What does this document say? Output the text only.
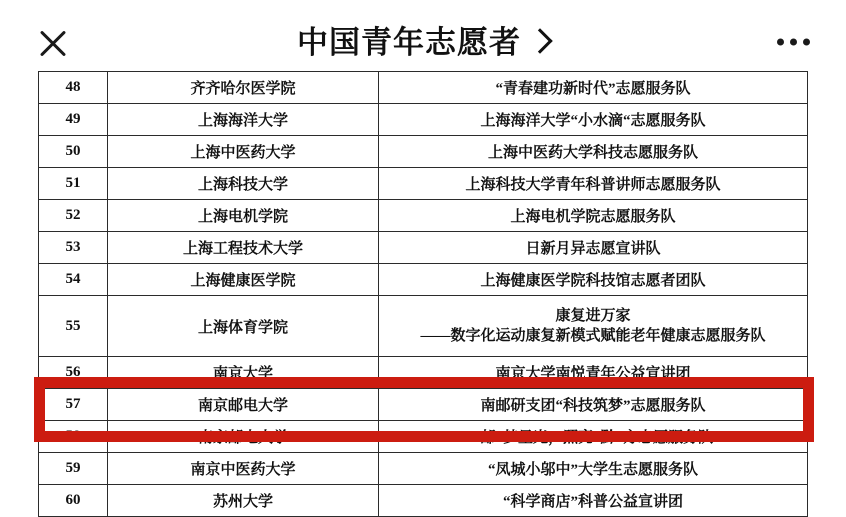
中国青年志愿者
48	齐齐哈尔医学院	“青春建功新时代”志愿服务队
49	上海海洋大学	上海海洋大学“小水滴“志愿服务队
50	上海中医药大学	上海中医药大学科技志愿服务队
51	上海科技大学	上海科技大学青年科普讲师志愿服务队
52	上海电机学院	上海电机学院志愿服务队
53	上海工程技术大学	日新月异志愿宣讲队
54	上海健康医学院	上海健康医学院科技馆志愿者团队
55	上海体育学院	康复进万家
——数字化运动康复新模式赋能老年健康志愿服务队

56	南京大学	南京大学南悦青年公益宣讲团
57	南京邮电大学	南邮研支团“科技筑梦”志愿服务队
58	南京邮电大学	“邮”梦星光，照亮“黔”方志愿服务队
59	南京中医药大学	“凤城小邬中”大学生志愿服务队
60	苏州大学	“科学商店”科普公益宣讲团
